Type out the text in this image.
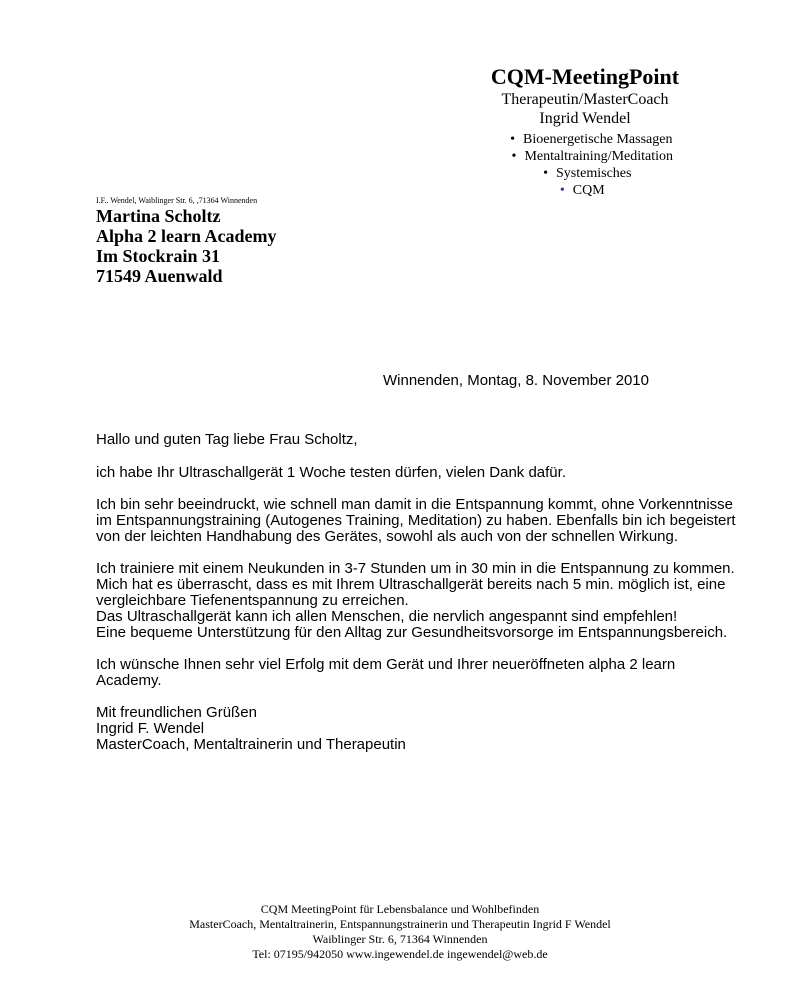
CQM-MeetingPoint
Therapeutin/MasterCoach
Ingrid Wendel
• Bioenergetische Massagen
• Mentaltraining/Meditation
• Systemisches
• CQM
I.F.. Wendel, Waiblinger Str. 6, ,71364 Winnenden
Martina Scholtz
Alpha 2 learn Academy
Im Stockrain 31
71549 Auenwald
Winnenden, Montag, 8. November 2010

Hallo und guten Tag liebe Frau Scholtz,

ich habe Ihr Ultraschallgerät 1 Woche testen dürfen, vielen Dank dafür.

Ich bin sehr beeindruckt, wie schnell man damit in die Entspannung kommt, ohne Vorkenntnisse im Entspannungstraining (Autogenes Training, Meditation) zu haben. Ebenfalls bin ich begeistert von der leichten Handhabung des Gerätes, sowohl als auch von der schnellen Wirkung.

Ich trainiere mit einem Neukunden in 3-7 Stunden um in 30 min in die Entspannung zu kommen.
Mich hat es überrascht, dass es mit Ihrem Ultraschallgerät bereits nach 5 min. möglich ist, eine vergleichbare Tiefenentspannung zu erreichen.
Das Ultraschallgerät kann ich allen Menschen, die nervlich angespannt sind empfehlen!
Eine bequeme Unterstützung für den Alltag zur Gesundheitsvorsorge im Entspannungsbereich.

Ich wünsche Ihnen sehr viel Erfolg mit dem Gerät und Ihrer neueröffneten alpha 2 learn Academy.

Mit freundlichen Grüßen
Ingrid F. Wendel
MasterCoach, Mentaltrainerin und Therapeutin
CQM MeetingPoint für Lebensbalance und Wohlbefinden
MasterCoach, Mentaltrainerin, Entspannungstrainerin und Therapeutin Ingrid F Wendel
Waiblinger Str. 6, 71364 Winnenden
Tel: 07195/942050 www.ingewendel.de ingewendel@web.de
